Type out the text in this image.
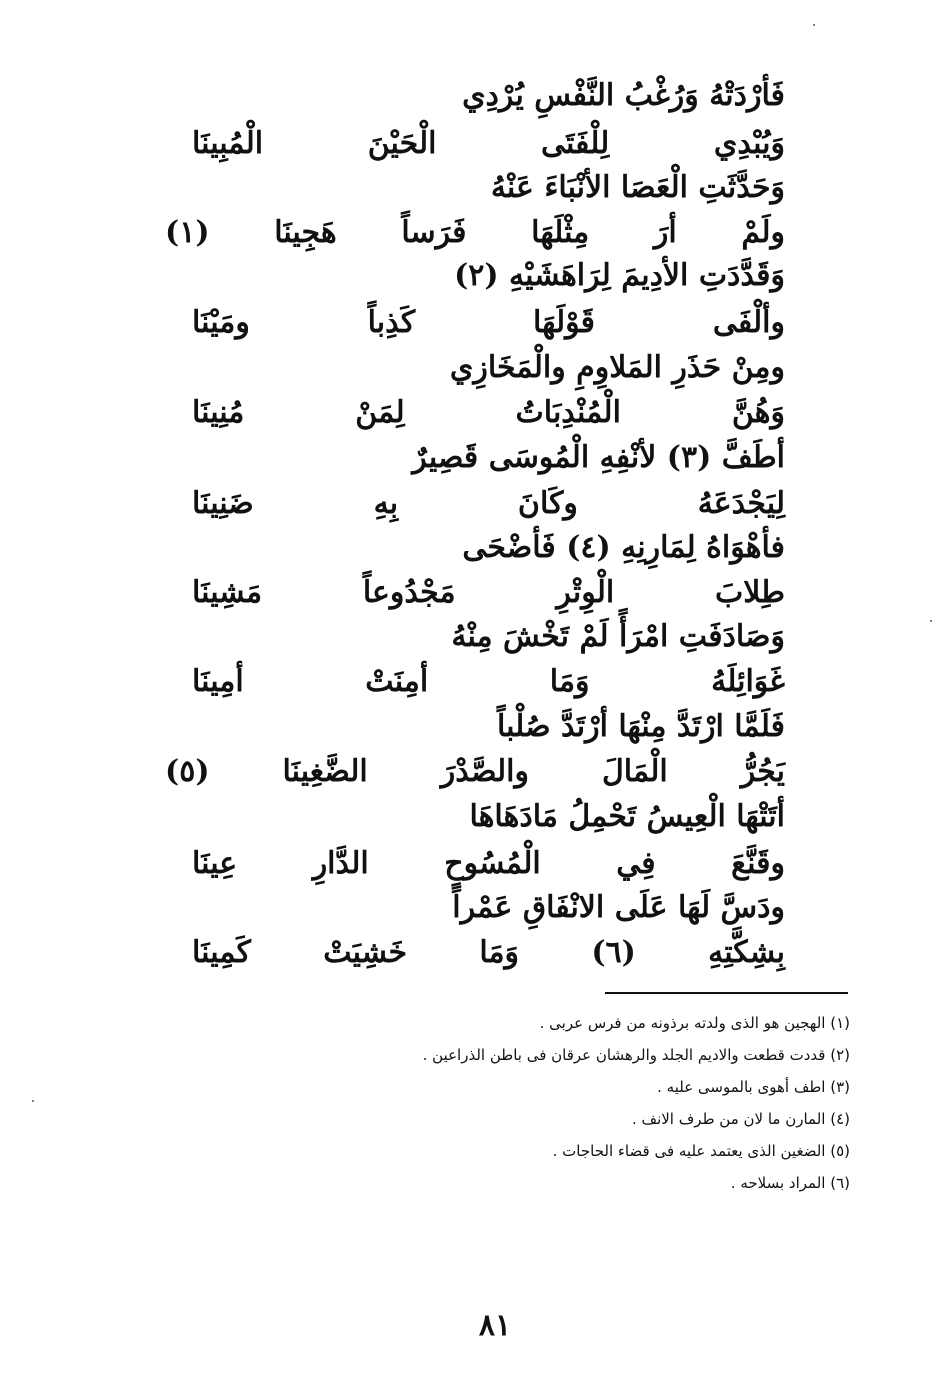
فَأرْدَتْهُ وَرُغْبُ النَّفْسِ يُرْدِي
وَيُبْدِي لِلْفَتَى الْحَيْنَ الْمُبِينَا
وَحَدَّثَتِ الْعَصَا الأنْبَاءَ عَنْهُ
ولَمْ أرَ مِثْلَهَا فَرَساً هَجِينَا (١)
وَقَدَّدَتِ الأدِيمَ لِرَاهَشَيْهِ (٢)
وألْفَى قَوْلَهَا كَذِباً ومَيْنَا
ومِنْ حَذَرِ المَلاوِمِ والْمَخَازِي
وَهُنَّ الْمُنْدِبَاتُ لِمَنْ مُنِينَا
أطَفَّ (٣) لأنْفِهِ الْمُوسَى قَصِيرٌ
لِيَجْدَعَهُ وكَانَ بِهِ ضَنِينَا
فأهْوَاهُ لِمَارِنِهِ (٤) فَأضْحَى
طِلابَ الْوِتْرِ مَجْدُوعاً مَشِينَا
وَصَادَفَتِ امْرَأً لَمْ تَخْشَ مِنْهُ
غَوَائِلَهُ وَمَا أمِنَتْ أمِينَا
فَلَمَّا ارْتَدَّ مِنْهَا أرْتَدَّ صُلْباً
يَجُرُّ الْمَالَ والصَّدْرَ الضَّغِينَا (٥)
أتَتْهَا الْعِيسُ تَحْمِلُ مَادَهَاهَا
وقَنَّعَ فِي الْمُسُوحِ الدَّارِ عِينَا
ودَسَّ لَهَا عَلَى الانْفَاقِ عَمْراً
بِشِكَّتِهِ (٦) وَمَا خَشِيَتْ كَمِينَا
(١) الهجين هو الذى ولدته برذونه من فرس عربى .
(٢) قددت قطعت والاديم الجلد والرهشان عرقان فى باطن الذراعين .
(٣) اطف أهوى بالموسى عليه .
(٤) المارن ما لان من طرف الانف .
(٥) الضغين الذى يعتمد عليه فى قضاء الحاجات .
(٦) المراد بسلاحه .
٨١
